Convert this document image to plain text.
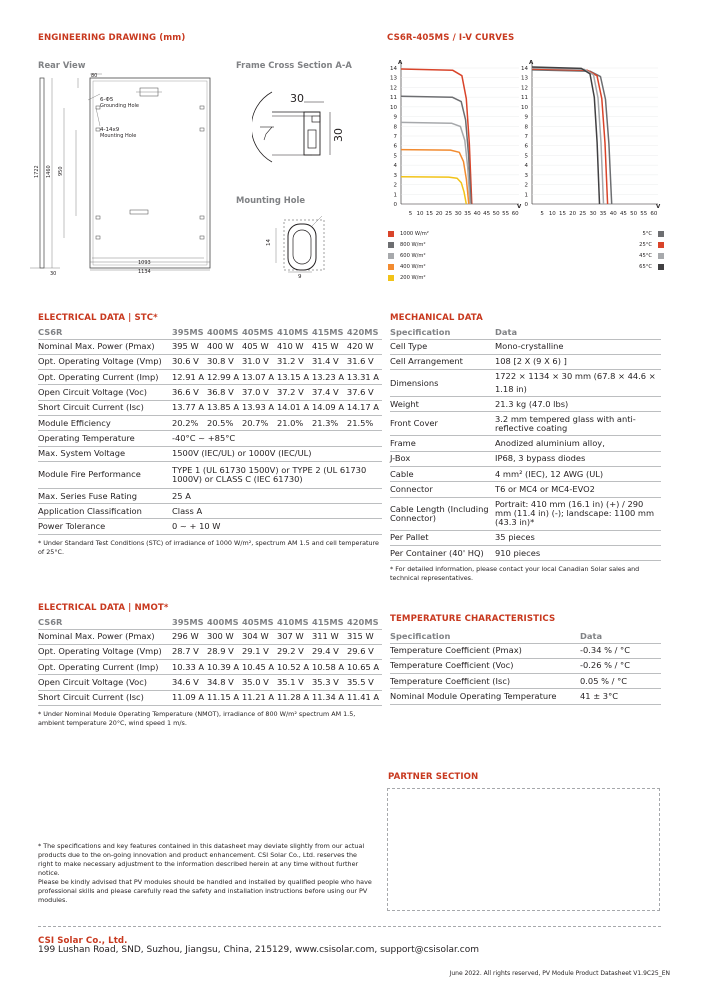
ENGINEERING DRAWING (mm)
Rear View	Frame Cross Section A-A
Mounting Hole
80
6-Φ5
Grounding Hole
4-14x9
Mounting Hole
1722 1460 950
1093
1134
30
30
30
14
9
CS6R-405MS / I-V CURVES
A
V
0
1
2
3
4
5
6
7
8
9
10
11
12
13
14
5 10 15 20 25 30 35 40 45 50 55 60
A
V
0
1
2
3
4
5
6
7
8
9
10
11
12
13
14
5 10 15 20 25 30 35 40 45 50 55 60
1000 W/m²
800 W/m²
600 W/m²
400 W/m²
200 W/m²
5°C
25°C
45°C
65°C
ELECTRICAL DATA | STC*
CS6R	395MS	400MS	405MS	410MS	415MS	420MS
Nominal Max. Power (Pmax)	395 W	400 W	405 W	410 W	415 W	420 W
Opt. Operating Voltage (Vmp)	30.6 V	30.8 V	31.0 V	31.2 V	31.4 V	31.6 V
Opt. Operating Current (Imp)	12.91 A	12.99 A	13.07 A	13.15 A	13.23 A	13.31 A
Open Circuit Voltage (Voc)	36.6 V	36.8 V	37.0 V	37.2 V	37.4 V	37.6 V
Short Circuit Current (Isc)	13.77 A	13.85 A	13.93 A	14.01 A	14.09 A	14.17 A
Module Efficiency	20.2%	20.5%	20.7%	21.0%	21.3%	21.5%
Operating Temperature	-40°C ~ +85°C					
Max. System Voltage	1500V (IEC/UL) or 1000V (IEC/UL)					
Module Fire Performance	TYPE 1 (UL 61730 1500V) or TYPE 2 (UL 61730 1000V) or CLASS C (IEC 61730)					
Max. Series Fuse Rating	25 A					
Application Classification	Class A					
Power Tolerance	0 ~ + 10 W					
* Under Standard Test Conditions (STC) of irradiance of 1000 W/m², spectrum AM 1.5 and cell temperature of 25°C.
MECHANICAL DATA
Specification	Data
Cell Type	Mono-crystalline
Cell Arrangement	108 [2 X (9 X 6) ]
Dimensions	1722 × 1134 × 30 mm (67.8 × 44.6 × 1.18 in)
Weight	21.3 kg (47.0 lbs)
Front Cover	3.2 mm tempered glass with anti-reflective coating
Frame	Anodized aluminium alloy,
J-Box	IP68, 3 bypass diodes
Cable	4 mm² (IEC), 12 AWG (UL)
Connector	T6 or MC4 or MC4-EVO2
Cable Length (Including Connector)	Portrait: 410 mm (16.1 in) (+) / 290 mm (11.4 in) (-); landscape: 1100 mm (43.3 in)*
Per Pallet	35 pieces
Per Container (40' HQ)	910 pieces
* For detailed information, please contact your local Canadian Solar sales and technical representatives.
ELECTRICAL DATA | NMOT*
CS6R	395MS	400MS	405MS	410MS	415MS	420MS
Nominal Max. Power (Pmax)	296 W	300 W	304 W	307 W	311 W	315 W
Opt. Operating Voltage (Vmp)	28.7 V	28.9 V	29.1 V	29.2 V	29.4 V	29.6 V
Opt. Operating Current (Imp)	10.33 A	10.39 A	10.45 A	10.52 A	10.58 A	10.65 A
Open Circuit Voltage (Voc)	34.6 V	34.8 V	35.0 V	35.1 V	35.3 V	35.5 V
Short Circuit Current (Isc)	11.09 A	11.15 A	11.21 A	11.28 A	11.34 A	11.41 A
* Under Nominal Module Operating Temperature (NMOT), irradiance of 800 W/m² spectrum AM 1.5, ambient temperature 20°C, wind speed 1 m/s.
TEMPERATURE CHARACTERISTICS
Specification	Data
Temperature Coefficient (Pmax)	-0.34 % / °C
Temperature Coefficient (Voc)	-0.26 % / °C
Temperature Coefficient (Isc)	0.05 % / °C
Nominal Module Operating Temperature	41 ± 3°C
PARTNER SECTION
* The specifications and key features contained in this datasheet may deviate slightly from our actual products due to the on-going innovation and product enhancement. CSI Solar Co., Ltd. reserves the right to make necessary adjustment to the information described herein at any time without further notice.
Please be kindly advised that PV modules should be handled and installed by qualified people who have professional skills and please carefully read the safety and installation instructions before using our PV modules.
CSI Solar Co., Ltd.
199 Lushan Road, SND, Suzhou, Jiangsu, China, 215129, www.csisolar.com, support@csisolar.com
June 2022. All rights reserved, PV Module Product Datasheet V1.9C25_EN
